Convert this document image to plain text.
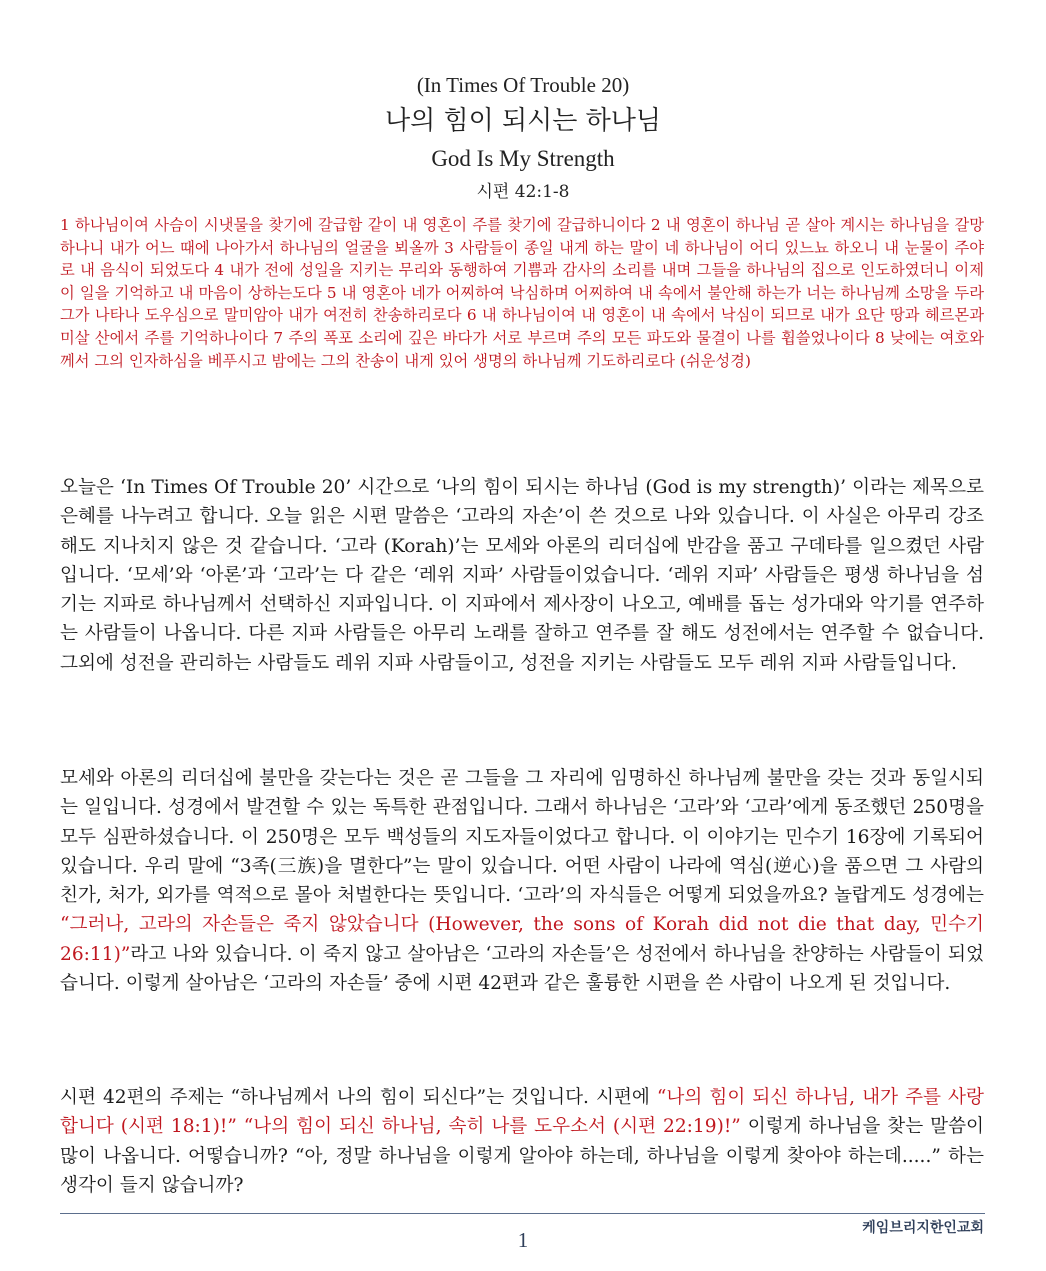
(In Times Of Trouble 20)
나의 힘이 되시는 하나님
God Is My Strength
시편 42:1-8
1 하나님이여 사슴이 시냇물을 찾기에 갈급함 같이 내 영혼이 주를 찾기에 갈급하니이다 2 내 영혼이 하나님 곧 살아 계시는 하나님을 갈망하나니 내가 어느 때에 나아가서 하나님의 얼굴을 뵈올까 3 사람들이 종일 내게 하는 말이 네 하나님이 어디 있느뇨 하오니 내 눈물이 주야로 내 음식이 되었도다 4 내가 전에 성일을 지키는 무리와 동행하여 기쁨과 감사의 소리를 내며 그들을 하나님의 집으로 인도하였더니 이제 이 일을 기억하고 내 마음이 상하는도다 5 내 영혼아 네가 어찌하여 낙심하며 어찌하여 내 속에서 불안해 하는가 너는 하나님께 소망을 두라 그가 나타나 도우심으로 말미암아 내가 여전히 찬송하리로다 6 내 하나님이여 내 영혼이 내 속에서 낙심이 되므로 내가 요단 땅과 헤르몬과 미살 산에서 주를 기억하나이다 7 주의 폭포 소리에 깊은 바다가 서로 부르며 주의 모든 파도와 물결이 나를 휩쓸었나이다 8 낮에는 여호와께서 그의 인자하심을 베푸시고 밤에는 그의 찬송이 내게 있어 생명의 하나님께 기도하리로다 (쉬운성경)
오늘은 ‘In Times Of Trouble 20’ 시간으로 ‘나의 힘이 되시는 하나님 (God is my strength)’ 이라는 제목으로 은혜를 나누려고 합니다. 오늘 읽은 시편 말씀은 ‘고라의 자손’이 쓴 것으로 나와 있습니다. 이 사실은 아무리 강조해도 지나치지 않은 것 같습니다. ‘고라 (Korah)’는 모세와 아론의 리더십에 반감을 품고 구데타를 일으켰던 사람입니다. ‘모세’와 ‘아론’과 ‘고라’는 다 같은 ‘레위 지파’ 사람들이었습니다. ‘레위 지파’ 사람들은 평생 하나님을 섬기는 지파로 하나님께서 선택하신 지파입니다. 이 지파에서 제사장이 나오고, 예배를 돕는 성가대와 악기를 연주하는 사람들이 나옵니다. 다른 지파 사람들은 아무리 노래를 잘하고 연주를 잘 해도 성전에서는 연주할 수 없습니다. 그외에 성전을 관리하는 사람들도 레위 지파 사람들이고, 성전을 지키는 사람들도 모두 레위 지파 사람들입니다.
모세와 아론의 리더십에 불만을 갖는다는 것은 곧 그들을 그 자리에 임명하신 하나님께 불만을 갖는 것과 동일시되는 일입니다. 성경에서 발견할 수 있는 독특한 관점입니다. 그래서 하나님은 ‘고라’와 ‘고라’에게 동조했던 250명을 모두 심판하셨습니다. 이 250명은 모두 백성들의 지도자들이었다고 합니다. 이 이야기는 민수기 16장에 기록되어 있습니다. 우리 말에 “3족(三族)을 멸한다”는 말이 있습니다. 어떤 사람이 나라에 역심(逆心)을 품으면 그 사람의 친가, 처가, 외가를 역적으로 몰아 처벌한다는 뜻입니다. ‘고라’의 자식들은 어떻게 되었을까요? 놀랍게도 성경에는 “그러나, 고라의 자손들은 죽지 않았습니다 (However, the sons of Korah did not die that day, 민수기 26:11)”라고 나와 있습니다. 이 죽지 않고 살아남은 ‘고라의 자손들’은 성전에서 하나님을 찬양하는 사람들이 되었습니다. 이렇게 살아남은 ‘고라의 자손들’ 중에 시편 42편과 같은 훌륭한 시편을 쓴 사람이 나오게 된 것입니다.
시편 42편의 주제는 “하나님께서 나의 힘이 되신다”는 것입니다. 시편에 “나의 힘이 되신 하나님, 내가 주를 사랑합니다 (시편 18:1)!” “나의 힘이 되신 하나님, 속히 나를 도우소서 (시편 22:19)!” 이렇게 하나님을 찾는 말씀이 많이 나옵니다. 어떻습니까? “아, 정말 하나님을 이렇게 알아야 하는데, 하나님을 이렇게 찾아야 하는데.....” 하는 생각이 들지 않습니까?
케임브리지한인교회
1
